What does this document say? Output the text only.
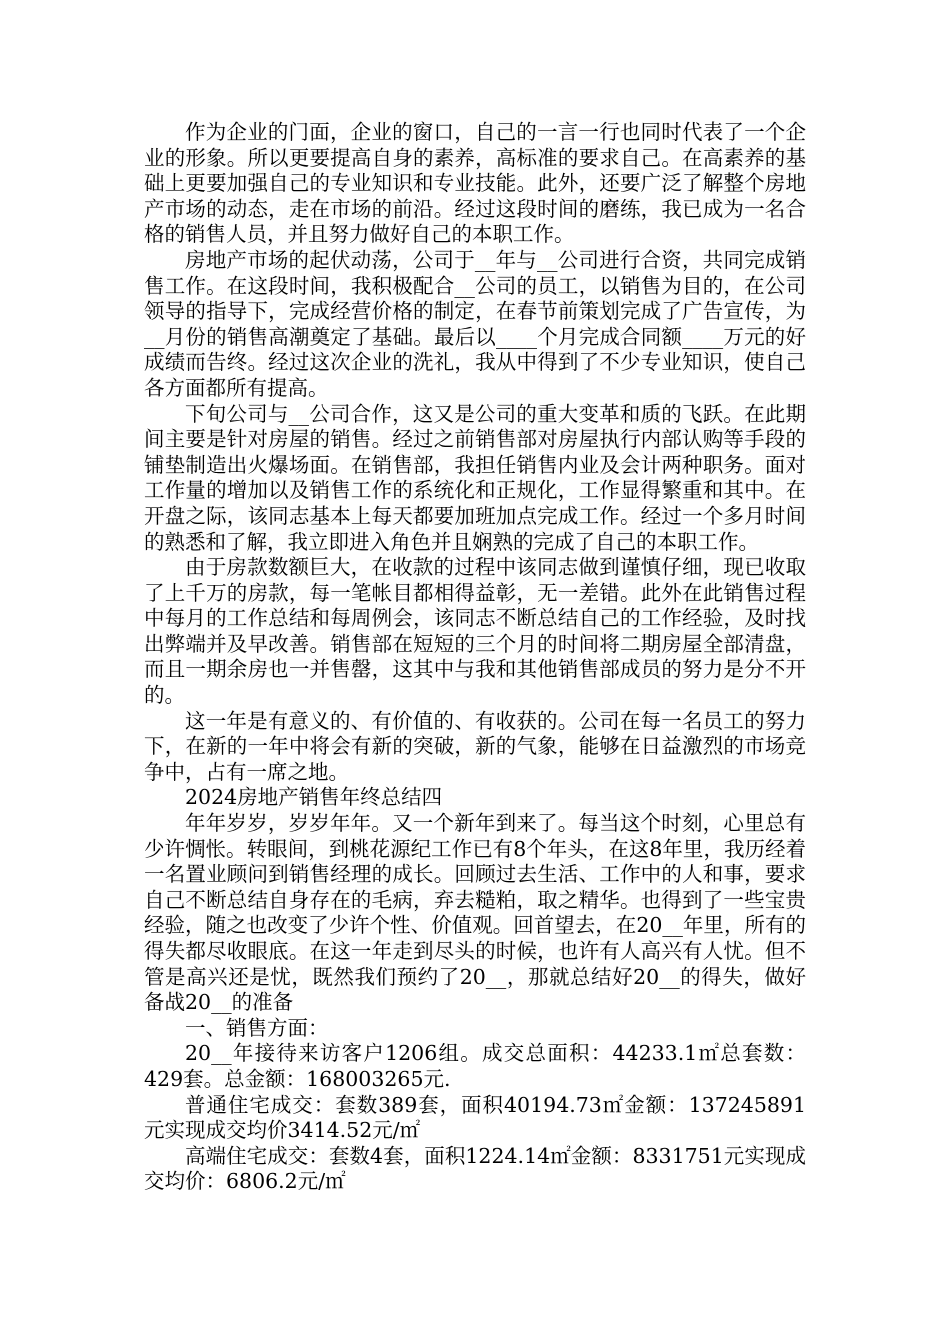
作为企业的门面，企业的窗口，自己的一言一行也同时代表了一个企业的形象。所以更要提高自身的素养，高标准的要求自己。在高素养的基础上更要加强自己的专业知识和专业技能。此外，还要广泛了解整个房地产市场的动态，走在市场的前沿。经过这段时间的磨练，我已成为一名合格的销售人员，并且努力做好自己的本职工作。

房地产市场的起伏动荡，公司于__年与__公司进行合资，共同完成销售工作。在这段时间，我积极配合__公司的员工，以销售为目的，在公司领导的指导下，完成经营价格的制定，在春节前策划完成了广告宣传，为__月份的销售高潮奠定了基础。最后以____个月完成合同额____万元的好成绩而告终。经过这次企业的洗礼，我从中得到了不少专业知识，使自己各方面都所有提高。

下旬公司与__公司合作，这又是公司的重大变革和质的飞跃。在此期间主要是针对房屋的销售。经过之前销售部对房屋执行内部认购等手段的铺垫制造出火爆场面。在销售部，我担任销售内业及会计两种职务。面对工作量的增加以及销售工作的系统化和正规化，工作显得繁重和其中。在开盘之际，该同志基本上每天都要加班加点完成工作。经过一个多月时间的熟悉和了解，我立即进入角色并且娴熟的完成了自己的本职工作。

由于房款数额巨大，在收款的过程中该同志做到谨慎仔细，现已收取了上千万的房款，每一笔帐目都相得益彰，无一差错。此外在此销售过程中每月的工作总结和每周例会，该同志不断总结自己的工作经验，及时找出弊端并及早改善。销售部在短短的三个月的时间将二期房屋全部清盘，而且一期余房也一并售罄，这其中与我和其他销售部成员的努力是分不开的。

这一年是有意义的、有价值的、有收获的。公司在每一名员工的努力下，在新的一年中将会有新的突破，新的气象，能够在日益激烈的市场竞争中，占有一席之地。

2024房地产销售年终总结四

年年岁岁，岁岁年年。又一个新年到来了。每当这个时刻，心里总有少许惆怅。转眼间，到桃花源纪工作已有8个年头，在这8年里，我历经着一名置业顾问到销售经理的成长。回顾过去生活、工作中的人和事，要求自己不断总结自身存在的毛病，弃去糙粕，取之精华。也得到了一些宝贵经验，随之也改变了少许个性、价值观。回首望去，在20__年里，所有的得失都尽收眼底。在这一年走到尽头的时候，也许有人高兴有人忧。但不管是高兴还是忧，既然我们预约了20__，那就总结好20__的得失，做好备战20__的准备

一、销售方面：

20__年接待来访客户1206组。成交总面积：44233.1㎡总套数：429套。总金额：168003265元.

普通住宅成交：套数389套，面积40194.73㎡金额：137245891元实现成交均价3414.52元/㎡

高端住宅成交：套数4套，面积1224.14㎡金额：8331751元实现成交均价：6806.2元/㎡
